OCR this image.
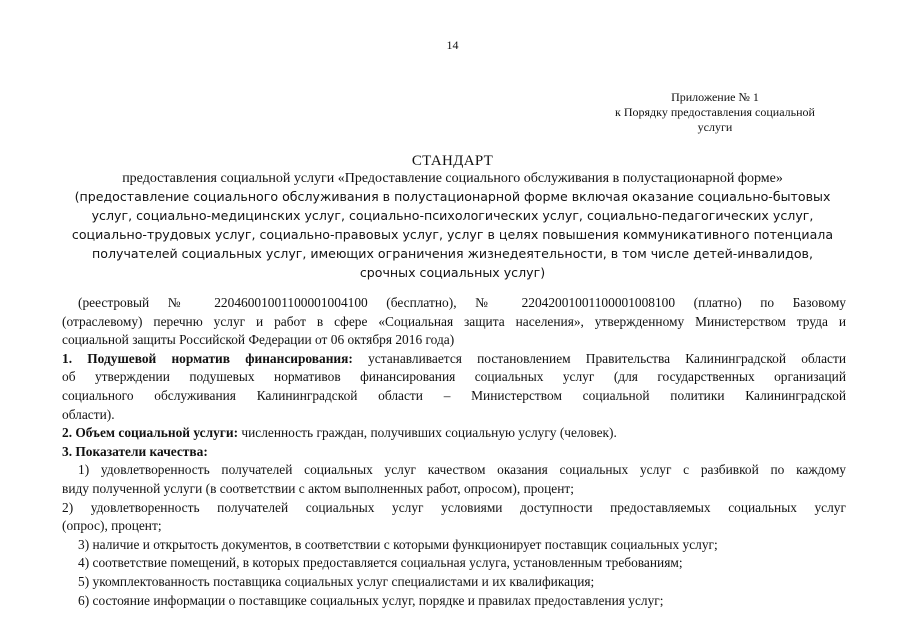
14
Приложение № 1
к Порядку предоставления социальной
услуги
СТАНДАРТ
предоставления социальной услуги «Предоставление социального обслуживания в полустационарной форме»
(предоставление социального обслуживания в полустационарной форме включая оказание социально-бытовых
услуг, социально-медицинских услуг, социально-психологических услуг, социально-педагогических услуг,
социально-трудовых услуг, социально-правовых услуг, услуг в целях повышения коммуникативного потенциала
получателей социальных услуг, имеющих ограничения жизнедеятельности, в том числе детей-инвалидов,
срочных социальных услуг)
(реестровый № 22046001001100001004100 (бесплатно), № 22042001001100001008100 (платно) по Базовому
(отраслевому) перечню услуг и работ в сфере «Социальная защита населения», утвержденному Министерством труда и
социальной защиты Российской Федерации от 06 октября 2016 года)
1. Подушевой норматив финансирования: устанавливается постановлением Правительства Калининградской области
об утверждении подушевых нормативов финансирования социальных услуг (для государственных организаций
социального обслуживания Калининградской области – Министерством социальной политики Калининградской
области).
2. Объем социальной услуги: численность граждан, получивших социальную услугу (человек).
3. Показатели качества:
1) удовлетворенность получателей социальных услуг качеством оказания социальных услуг с разбивкой по каждому
виду полученной услуги (в соответствии с актом выполненных работ, опросом), процент;
2) удовлетворенность получателей социальных услуг условиями доступности предоставляемых социальных услуг
(опрос), процент;
3) наличие и открытость документов, в соответствии с которыми функционирует поставщик социальных услуг;
4) соответствие помещений, в которых предоставляется социальная услуга, установленным требованиям;
5) укомплектованность поставщика социальных услуг специалистами и их квалификация;
6) состояние информации о поставщике социальных услуг, порядке и правилах предоставления услуг;
